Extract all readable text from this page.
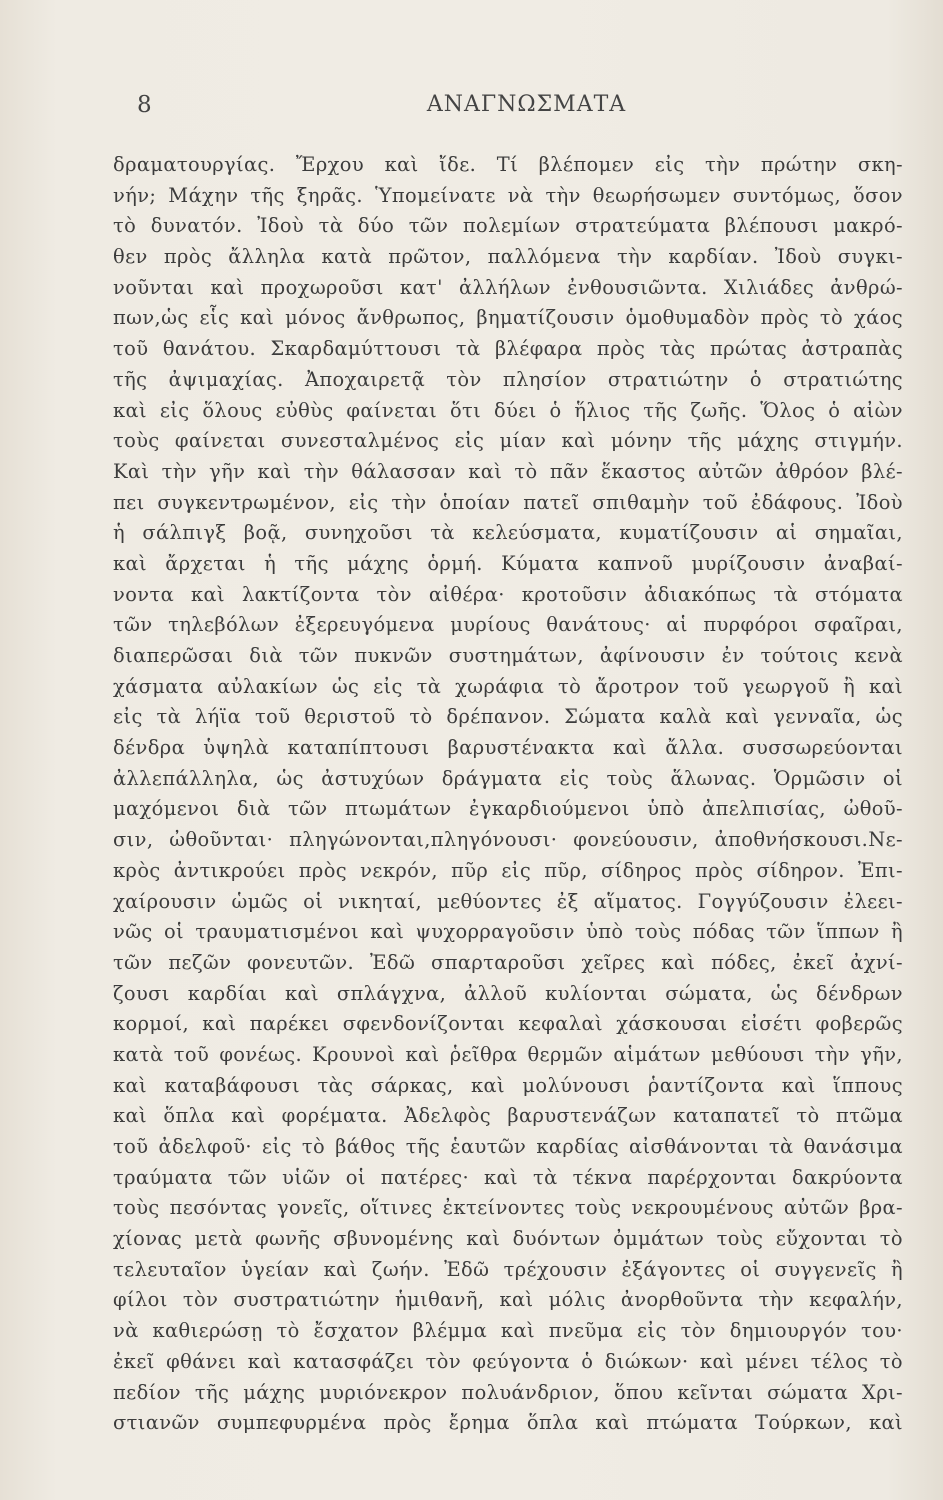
8	ΑΝΑΓΝΩΣΜΑΤΑ
δραματουργίας. Ἔρχου καὶ ἴδε. Τί βλέπομεν εἰς τὴν πρώτην σκη-
νήν; Μάχην τῆς ξηρᾶς. Ὑπομείνατε νὰ τὴν θεωρήσωμεν συντόμως, ὅσον
τὸ δυνατόν. Ἰδοὺ τὰ δύο τῶν πολεμίων στρατεύματα βλέπουσι μακρό-
θεν πρὸς ἄλληλα κατὰ πρῶτον, παλλόμενα τὴν καρδίαν. Ἰδοὺ συγκι-
νοῦνται καὶ προχωροῦσι κατ' ἀλλήλων ἐνθουσιῶντα. Χιλιάδες ἀνθρώ-
πων,ὡς εἷς καὶ μόνος ἄνθρωπος, βηματίζουσιν ὁμοθυμαδὸν πρὸς τὸ χάος
τοῦ θανάτου. Σκαρδαμύττουσι τὰ βλέφαρα πρὸς τὰς πρώτας ἀστραπὰς
τῆς ἀψιμαχίας. Ἀποχαιρετᾷ τὸν πλησίον στρατιώτην ὁ στρατιώτης
καὶ εἰς ὅλους εὐθὺς φαίνεται ὅτι δύει ὁ ἥλιος τῆς ζωῆς. Ὅλος ὁ αἰὼν
τοὺς φαίνεται συνεσταλμένος εἰς μίαν καὶ μόνην τῆς μάχης στιγμήν.
Καὶ τὴν γῆν καὶ τὴν θάλασσαν καὶ τὸ πᾶν ἕκαστος αὐτῶν ἀθρόον βλέ-
πει συγκεντρωμένον, εἰς τὴν ὁποίαν πατεῖ σπιθαμὴν τοῦ ἐδάφους. Ἰδοὺ
ἡ σάλπιγξ βοᾷ, συνηχοῦσι τὰ κελεύσματα, κυματίζουσιν αἱ σημαῖαι,
καὶ ἄρχεται ἡ τῆς μάχης ὁρμή. Κύματα καπνοῦ μυρίζουσιν ἀναβαί-
νοντα καὶ λακτίζοντα τὸν αἰθέρα· κροτοῦσιν ἀδιακόπως τὰ στόματα
τῶν τηλεβόλων ἐξερευγόμενα μυρίους θανάτους· αἱ πυρφόροι σφαῖραι,
διαπερῶσαι διὰ τῶν πυκνῶν συστημάτων, ἀφίνουσιν ἐν τούτοις κενὰ
χάσματα αὐλακίων ὡς εἰς τὰ χωράφια τὸ ἄροτρον τοῦ γεωργοῦ ἢ καὶ
εἰς τὰ λήϊα τοῦ θεριστοῦ τὸ δρέπανον. Σώματα καλὰ καὶ γενναῖα, ὡς
δένδρα ὑψηλὰ καταπίπτουσι βαρυστένακτα καὶ ἄλλα. συσσωρεύονται
ἀλλεπάλληλα, ὡς ἀστυχύων δράγματα εἰς τοὺς ἅλωνας. Ὁρμῶσιν οἱ
μαχόμενοι διὰ τῶν πτωμάτων ἐγκαρδιούμενοι ὑπὸ ἀπελπισίας, ὠθοῦ-
σιν, ὠθοῦνται· πληγώνονται,πληγόνουσι· φονεύουσιν, ἀποθνήσκουσι.Νε-
κρὸς ἀντικρούει πρὸς νεκρόν, πῦρ εἰς πῦρ, σίδηρος πρὸς σίδηρον. Ἐπι-
χαίρουσιν ὡμῶς οἱ νικηταί, μεθύοντες ἐξ αἵματος. Γογγύζουσιν ἐλεει-
νῶς οἱ τραυματισμένοι καὶ ψυχορραγοῦσιν ὑπὸ τοὺς πόδας τῶν ἵππων ἢ
τῶν πεζῶν φονευτῶν. Ἐδῶ σπαρταροῦσι χεῖρες καὶ πόδες, ἐκεῖ ἀχνί-
ζουσι καρδίαι καὶ σπλάγχνα, ἀλλοῦ κυλίονται σώματα, ὡς δένδρων
κορμοί, καὶ παρέκει σφενδονίζονται κεφαλαὶ χάσκουσαι εἰσέτι φοβερῶς
κατὰ τοῦ φονέως. Κρουνοὶ καὶ ῥεῖθρα θερμῶν αἱμάτων μεθύουσι τὴν γῆν,
καὶ καταβάφουσι τὰς σάρκας, καὶ μολύνουσι ῥαντίζοντα καὶ ἵππους
καὶ ὅπλα καὶ φορέματα. Ἀδελφὸς βαρυστενάζων καταπατεῖ τὸ πτῶμα
τοῦ ἀδελφοῦ· εἰς τὸ βάθος τῆς ἑαυτῶν καρδίας αἰσθάνονται τὰ θανάσιμα
τραύματα τῶν υἱῶν οἱ πατέρες· καὶ τὰ τέκνα παρέρχονται δακρύοντα
τοὺς πεσόντας γονεῖς, οἵτινες ἐκτείνοντες τοὺς νεκρουμένους αὐτῶν βρα-
χίονας μετὰ φωνῆς σβυνομένης καὶ δυόντων ὀμμάτων τοὺς εὔχονται τὸ
τελευταῖον ὑγείαν καὶ ζωήν. Ἐδῶ τρέχουσιν ἐξάγοντες οἱ συγγενεῖς ἢ
φίλοι τὸν συστρατιώτην ἡμιθανῆ, καὶ μόλις ἀνορθοῦντα τὴν κεφαλήν,
νὰ καθιερώσῃ τὸ ἔσχατον βλέμμα καὶ πνεῦμα εἰς τὸν δημιουργόν του·
ἐκεῖ φθάνει καὶ κατασφάζει τὸν φεύγοντα ὁ διώκων· καὶ μένει τέλος τὸ
πεδίον τῆς μάχης μυριόνεκρον πολυάνδριον, ὅπου κεῖνται σώματα Χρι-
στιανῶν συμπεφυρμένα πρὸς ἔρημα ὅπλα καὶ πτώματα Τούρκων, καὶ
